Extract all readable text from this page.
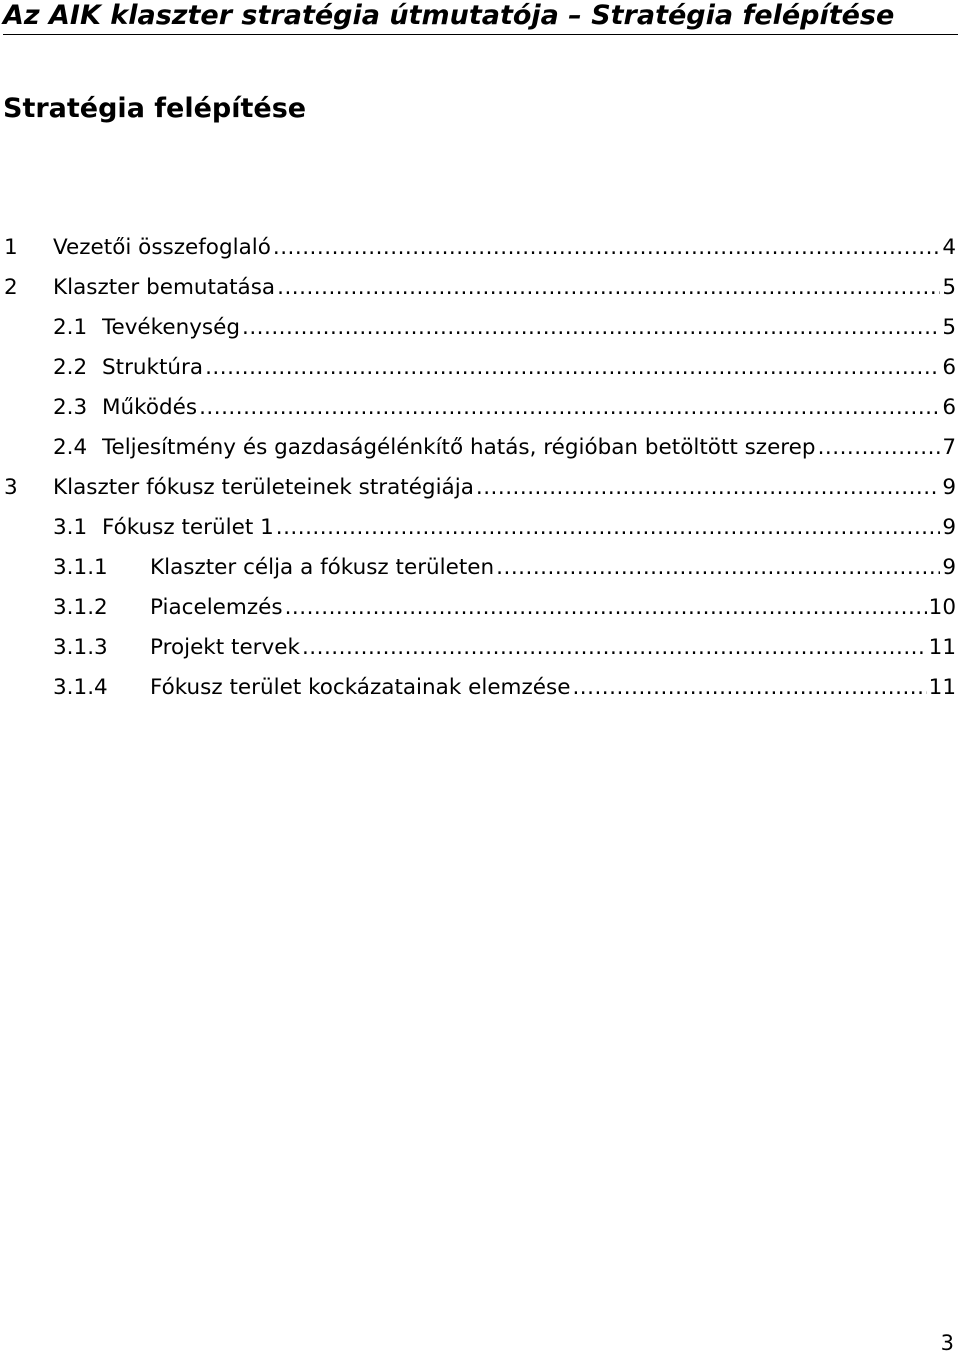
Az AIK klaszter stratégia útmutatója – Stratégia felépítése
Stratégia felépítése
1 Vezetői összefoglaló .....	4
2 Klaszter bemutatása .....	5
2.1 Tevékenység .....	5
2.2 Struktúra .....	6
2.3 Működés .....	6
2.4 Teljesítmény és gazdaságélénkítő hatás, régióban betöltött szerep .....	7
3 Klaszter fókusz területeinek stratégiája .....	9
3.1 Fókusz terület 1 .....	9
3.1.1 Klaszter célja a fókusz területen .....	9
3.1.2 Piacelemzés .....	10
3.1.3 Projekt tervek .....	11
3.1.4 Fókusz terület kockázatainak elemzése .....	11
3
